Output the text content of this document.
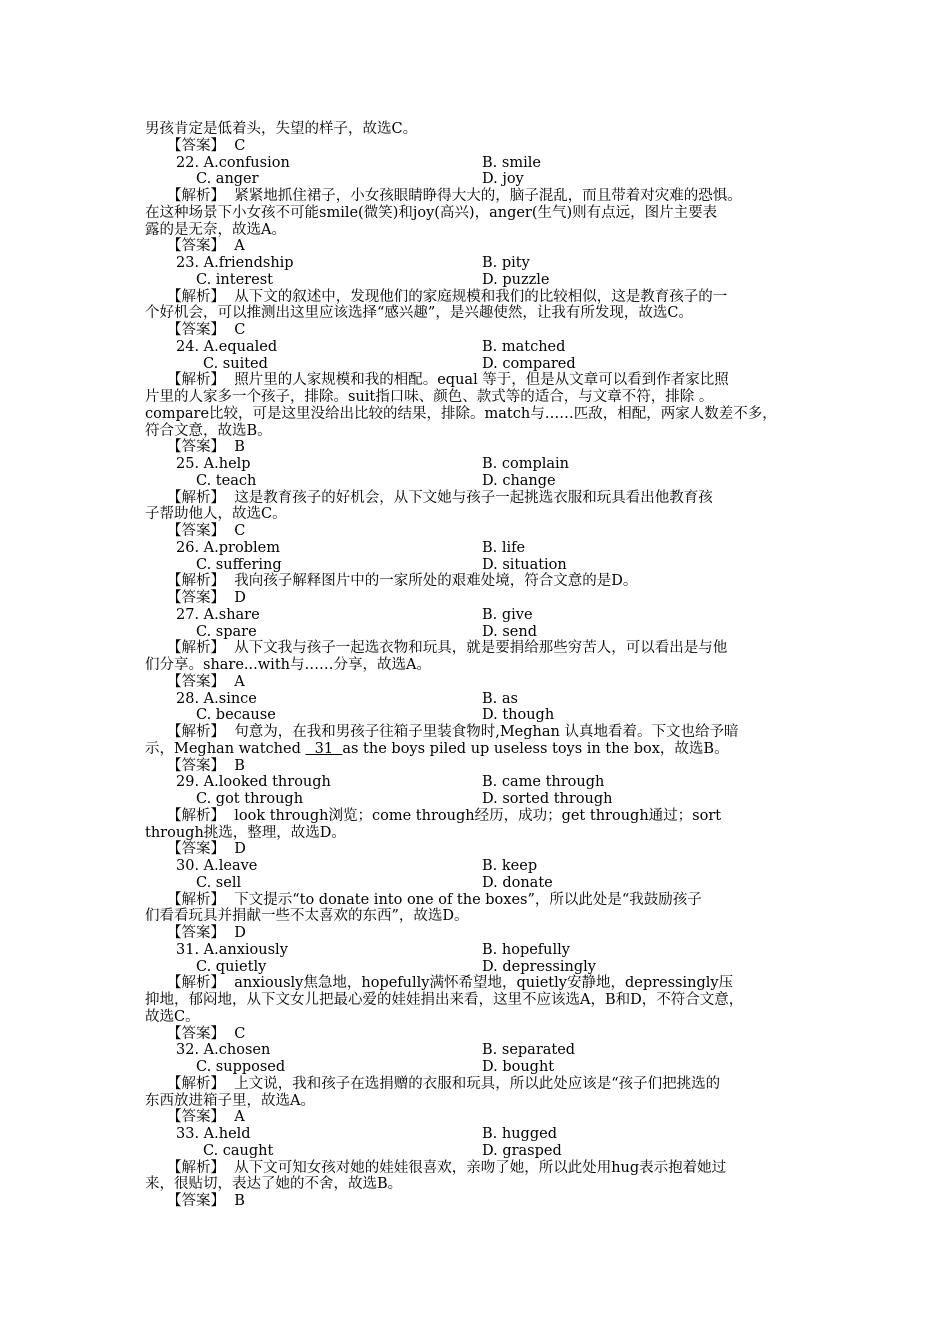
男孩肯定是低着头，失望的样子，故选C。
【答案】  C
22. A.confusion	B. smile
C. anger	D. joy
【解析】  紧紧地抓住裙子，小女孩眼睛睁得大大的，脑子混乱，而且带着对灾难的恐惧。
在这种场景下小女孩不可能smile(微笑)和joy(高兴)，anger(生气)则有点远，图片主要表
露的是无奈，故选A。
【答案】  A
23. A.friendship	B. pity
C. interest	D. puzzle
【解析】  从下文的叙述中，发现他们的家庭规模和我们的比较相似，这是教育孩子的一
个好机会，可以推测出这里应该选择“感兴趣”，是兴趣使然，让我有所发现，故选C。
【答案】  C
24. A.equaled	B. matched
C. suited	D. compared
【解析】  照片里的人家规模和我的相配。equal 等于，但是从文章可以看到作者家比照
片里的人家多一个孩子，排除。suit指口味、颜色、款式等的适合，与文章不符，排除 。
compare比较，可是这里没给出比较的结果，排除。match与……匹敌，相配，两家人数差不多，
符合文意，故选B。
【答案】  B
25. A.help	B. complain
C. teach	D. change
【解析】  这是教育孩子的好机会，从下文她与孩子一起挑选衣服和玩具看出他教育孩
子帮助他人，故选C。
【答案】  C
26. A.problem	B. life
C. suffering	D. situation
【解析】  我向孩子解释图片中的一家所处的艰难处境，符合文意的是D。
【答案】  D
27. A.share	B. give
C. spare	D. send
【解析】  从下文我与孩子一起选衣物和玩具，就是要捐给那些穷苦人，可以看出是与他
们分享。share...with与……分享，故选A。
【答案】  A
28. A.since	B. as
C. because	D. though
【解析】  句意为，在我和男孩子往箱子里装食物时,Meghan 认真地看着。下文也给予暗
示，Meghan watched   31  as the boys piled up useless toys in the box，故选B。
【答案】  B
29. A.looked through	B. came through
C. got through	D. sorted through
【解析】  look through浏览；come through经历，成功；get through通过；sort
through挑选，整理，故选D。
【答案】  D
30. A.leave	B. keep
C. sell	D. donate
【解析】  下文提示“to donate into one of the boxes”，所以此处是“我鼓励孩子
们看看玩具并捐献一些不太喜欢的东西”，故选D。
【答案】  D
31. A.anxiously	B. hopefully
C. quietly	D. depressingly
【解析】  anxiously焦急地，hopefully满怀希望地，quietly安静地，depressingly压
抑地，郁闷地，从下文女儿把最心爱的娃娃捐出来看，这里不应该选A，B和D，不符合文意，
故选C。
【答案】  C
32. A.chosen	B. separated
C. supposed	D. bought
【解析】  上文说，我和孩子在选捐赠的衣服和玩具，所以此处应该是“孩子们把挑选的
东西放进箱子里，故选A。
【答案】  A
33. A.held	B. hugged
C. caught	D. grasped
【解析】  从下文可知女孩对她的娃娃很喜欢，亲吻了她，所以此处用hug表示抱着她过
来，很贴切，表达了她的不舍，故选B。
【答案】  B
